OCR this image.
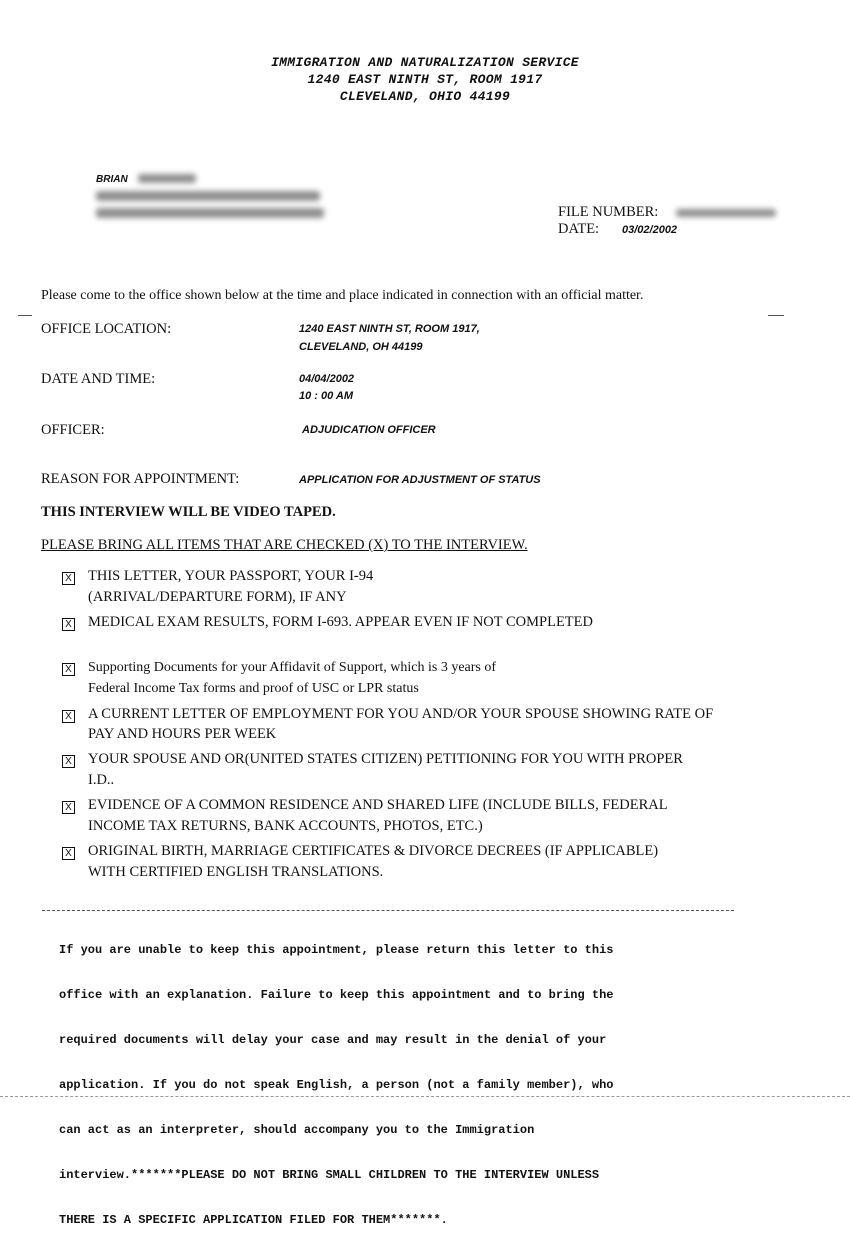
IMMIGRATION AND NATURALIZATION SERVICE
1240 EAST NINTH ST, ROOM 1917
CLEVELAND, OHIO 44199
BRIAN
FILE NUMBER:
DATE: 03/02/2002
Please come to the office shown below at the time and place indicated in connection with an official matter.
OFFICE LOCATION:	1240 EAST NINTH ST, ROOM 1917,
CLEVELAND, OH 44199
DATE AND TIME:	04/04/2002
10 : 00 AM
OFFICER:	ADJUDICATION OFFICER
REASON FOR APPOINTMENT:	APPLICATION FOR ADJUSTMENT OF STATUS
THIS INTERVIEW WILL BE VIDEO TAPED.
PLEASE BRING ALL ITEMS THAT ARE CHECKED (X) TO THE INTERVIEW.
X THIS LETTER, YOUR PASSPORT, YOUR I-94
(ARRIVAL/DEPARTURE FORM), IF ANY
X MEDICAL EXAM RESULTS, FORM I-693. APPEAR EVEN IF NOT COMPLETED
X Supporting Documents for your Affidavit of Support, which is 3 years of
Federal Income Tax forms and proof of USC or LPR status
X A CURRENT LETTER OF EMPLOYMENT FOR YOU AND/OR YOUR SPOUSE SHOWING RATE OF
PAY AND HOURS PER WEEK
X YOUR SPOUSE AND OR(UNITED STATES CITIZEN) PETITIONING FOR YOU WITH PROPER
I.D..
X EVIDENCE OF A COMMON RESIDENCE AND SHARED LIFE (INCLUDE BILLS, FEDERAL
INCOME TAX RETURNS, BANK ACCOUNTS, PHOTOS, ETC.)
X ORIGINAL BIRTH, MARRIAGE CERTIFICATES & DIVORCE DECREES (IF APPLICABLE)
WITH CERTIFIED ENGLISH TRANSLATIONS.

If you are unable to keep this appointment, please return this letter to this

office with an explanation. Failure to keep this appointment and to bring the

required documents will delay your case and may result in the denial of your

application. If you do not speak English, a person (not a family member), who

can act as an interpreter, should accompany you to the Immigration

interview.*******PLEASE DO NOT BRING SMALL CHILDREN TO THE INTERVIEW UNLESS

THERE IS A SPECIFIC APPLICATION FILED FOR THEM*******.
